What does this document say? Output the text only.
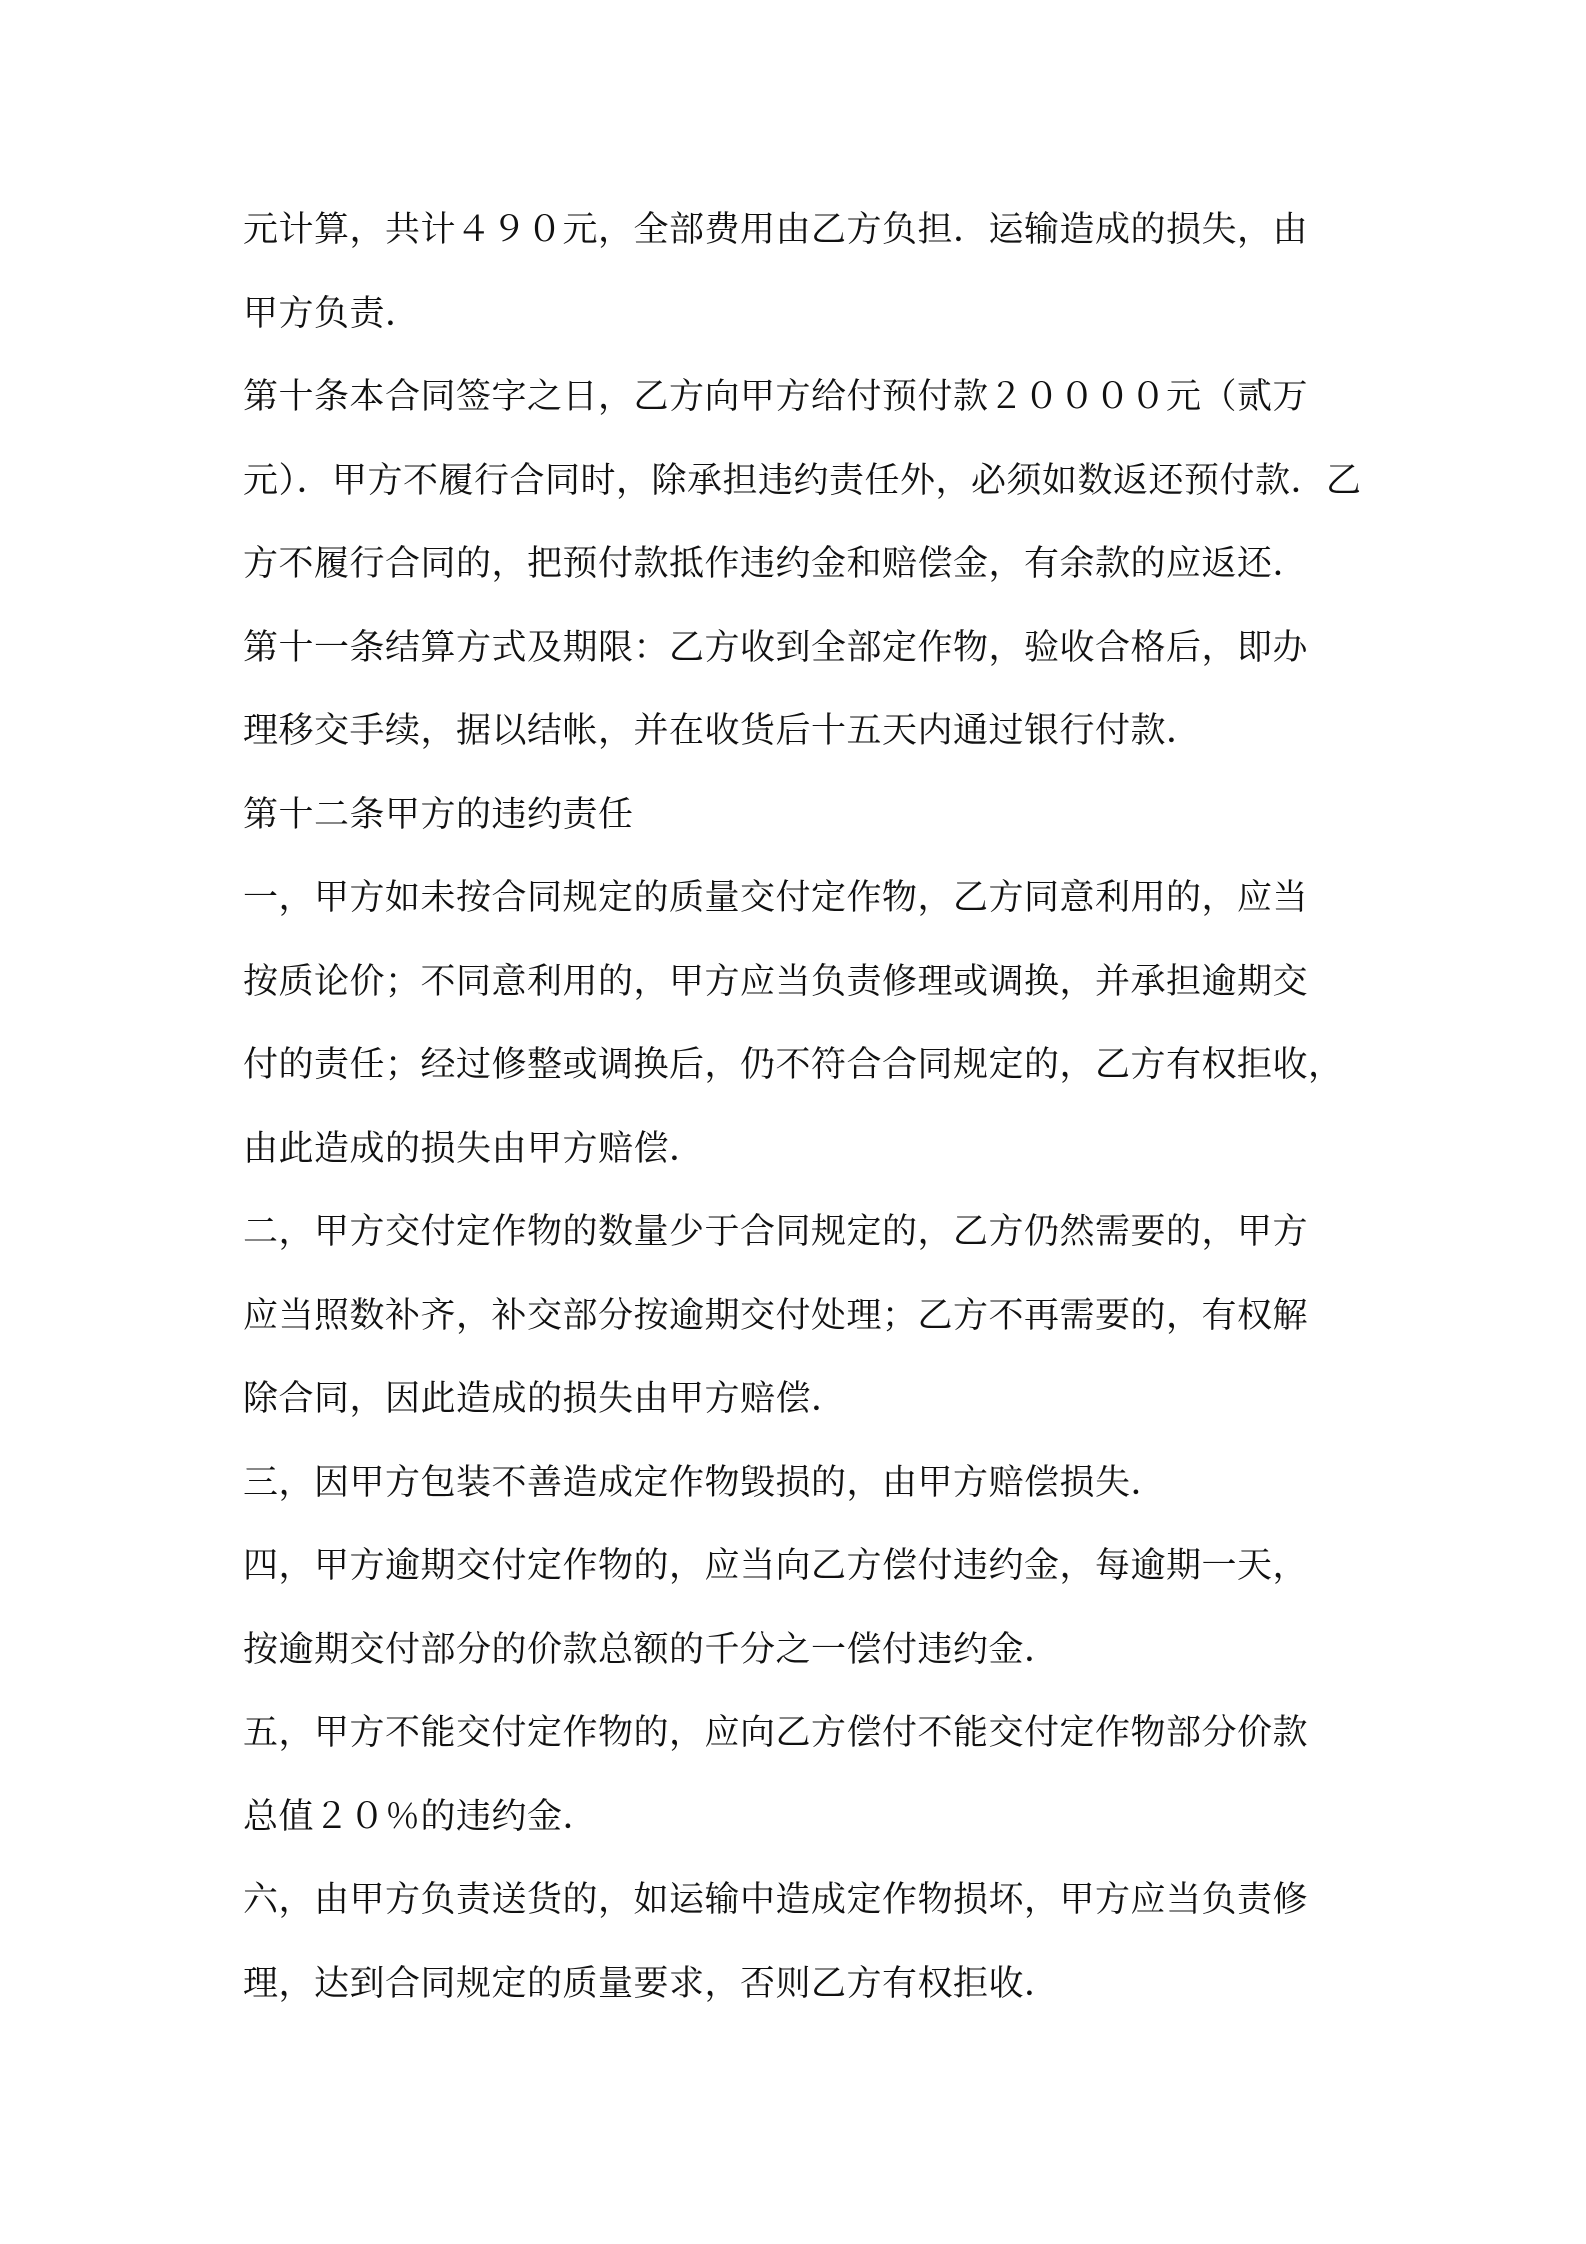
元计算，共计４９０元，全部费用由乙方负担．运输造成的损失，由
甲方负责．
第十条本合同签字之日，乙方向甲方给付预付款２００００元（贰万
元）．甲方不履行合同时，除承担违约责任外，必须如数返还预付款．乙
方不履行合同的，把预付款抵作违约金和赔偿金，有余款的应返还．
第十一条结算方式及期限：乙方收到全部定作物，验收合格后，即办
理移交手续，据以结帐，并在收货后十五天内通过银行付款．
第十二条甲方的违约责任
一，甲方如未按合同规定的质量交付定作物，乙方同意利用的，应当
按质论价；不同意利用的，甲方应当负责修理或调换，并承担逾期交
付的责任；经过修整或调换后，仍不符合合同规定的，乙方有权拒收，
由此造成的损失由甲方赔偿．
二，甲方交付定作物的数量少于合同规定的，乙方仍然需要的，甲方
应当照数补齐，补交部分按逾期交付处理；乙方不再需要的，有权解
除合同，因此造成的损失由甲方赔偿．
三，因甲方包装不善造成定作物毁损的，由甲方赔偿损失．
四，甲方逾期交付定作物的，应当向乙方偿付违约金，每逾期一天，
按逾期交付部分的价款总额的千分之一偿付违约金．
五，甲方不能交付定作物的，应向乙方偿付不能交付定作物部分价款
总值２０％的违约金．
六，由甲方负责送货的，如运输中造成定作物损坏，甲方应当负责修
理，达到合同规定的质量要求，否则乙方有权拒收．
